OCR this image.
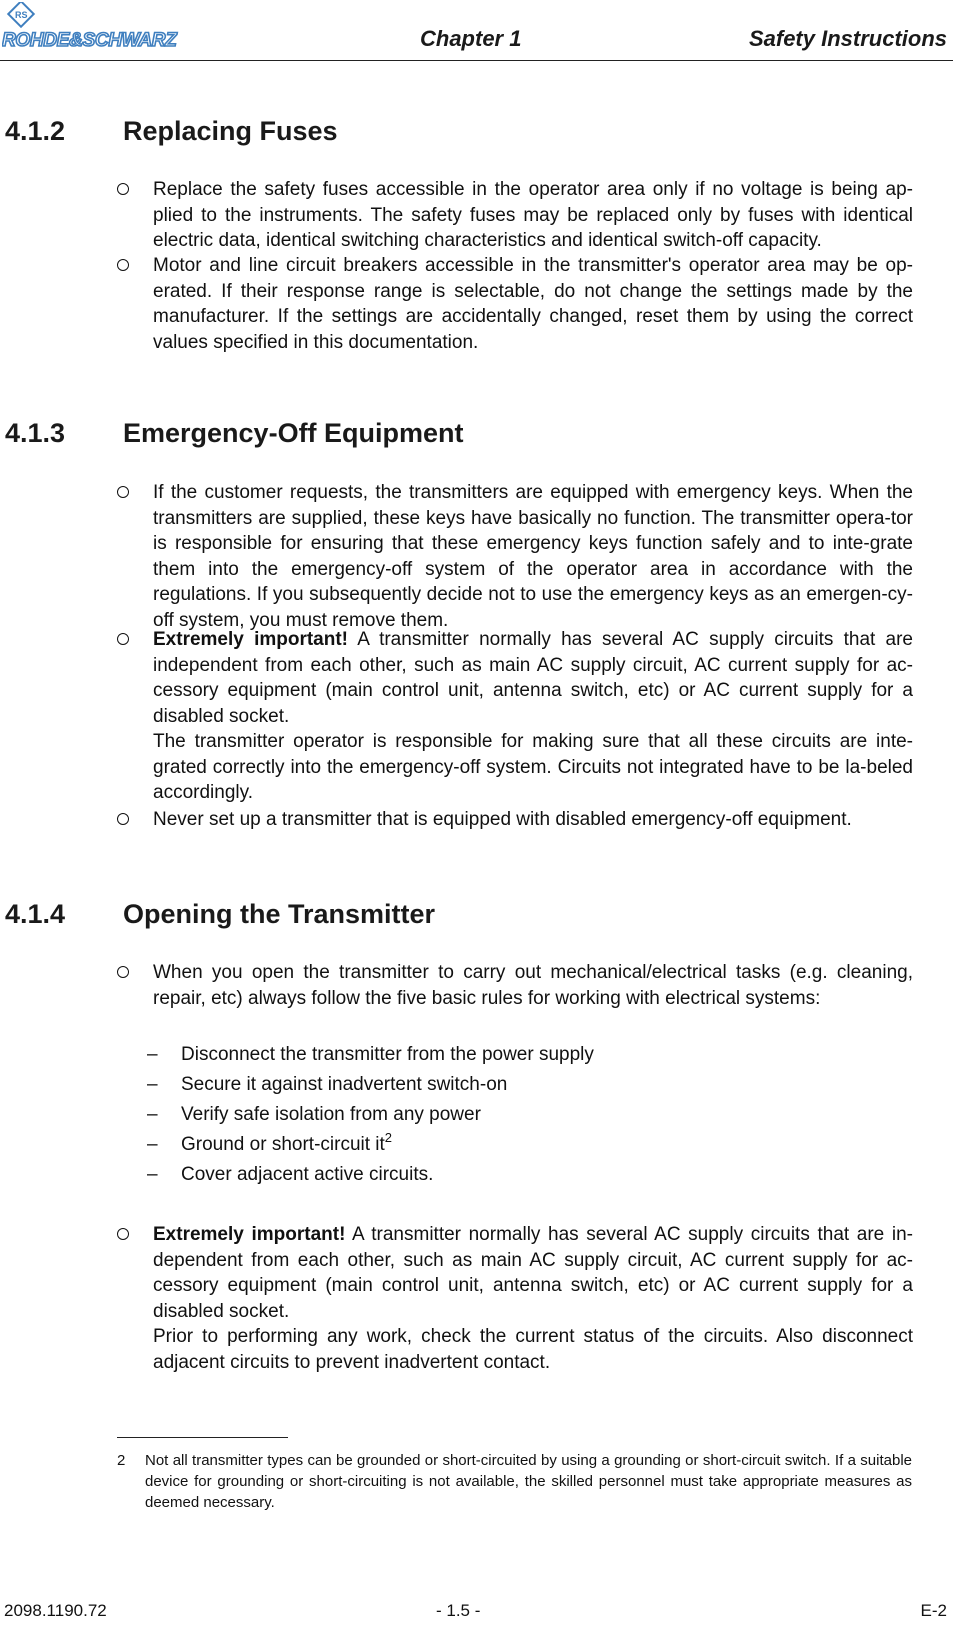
RS
ROHDE&SCHWARZ	Chapter 1	Safety Instructions
4.1.2 Replacing Fuses
Replace the safety fuses accessible in the operator area only if no voltage is being ap-plied to the instruments. The safety fuses may be replaced only by fuses with identical electric data, identical switching characteristics and identical switch-off capacity.
Motor and line circuit breakers accessible in the transmitter's operator area may be op-erated. If their response range is selectable, do not change the settings made by the manufacturer. If the settings are accidentally changed, reset them by using the correct values specified in this documentation.
4.1.3 Emergency-Off Equipment
If the customer requests, the transmitters are equipped with emergency keys. When the transmitters are supplied, these keys have basically no function. The transmitter opera-tor is responsible for ensuring that these emergency keys function safely and to inte-grate them into the emergency-off system of the operator area in accordance with the regulations. If you subsequently decide not to use the emergency keys as an emergen-cy-off system, you must remove them.
Extremely important! A transmitter normally has several AC supply circuits that are independent from each other, such as main AC supply circuit, AC current supply for ac-cessory equipment (main control unit, antenna switch, etc) or AC current supply for a disabled socket.
The transmitter operator is responsible for making sure that all these circuits are inte-grated correctly into the emergency-off system. Circuits not integrated have to be la-beled accordingly.
Never set up a transmitter that is equipped with disabled emergency-off equipment.
4.1.4 Opening the Transmitter
When you open the transmitter to carry out mechanical/electrical tasks (e.g. cleaning, repair, etc) always follow the five basic rules for working with electrical systems:
– Disconnect the transmitter from the power supply
– Secure it against inadvertent switch-on
– Verify safe isolation from any power
– Ground or short-circuit $it^2$
– Cover adjacent active circuits.
Extremely important! A transmitter normally has several AC supply circuits that are in-dependent from each other, such as main AC supply circuit, AC current supply for ac-cessory equipment (main control unit, antenna switch, etc) or AC current supply for a disabled socket.
Prior to performing any work, check the current status of the circuits. Also disconnect adjacent circuits to prevent inadvertent contact.
2 Not all transmitter types can be grounded or short-circuited by using a grounding or short-circuit switch. If a suitable device for grounding or short-circuiting is not available, the skilled personnel must take appropriate measures as deemed necessary.
2098.1190.72	- 1.5 -	E-2
